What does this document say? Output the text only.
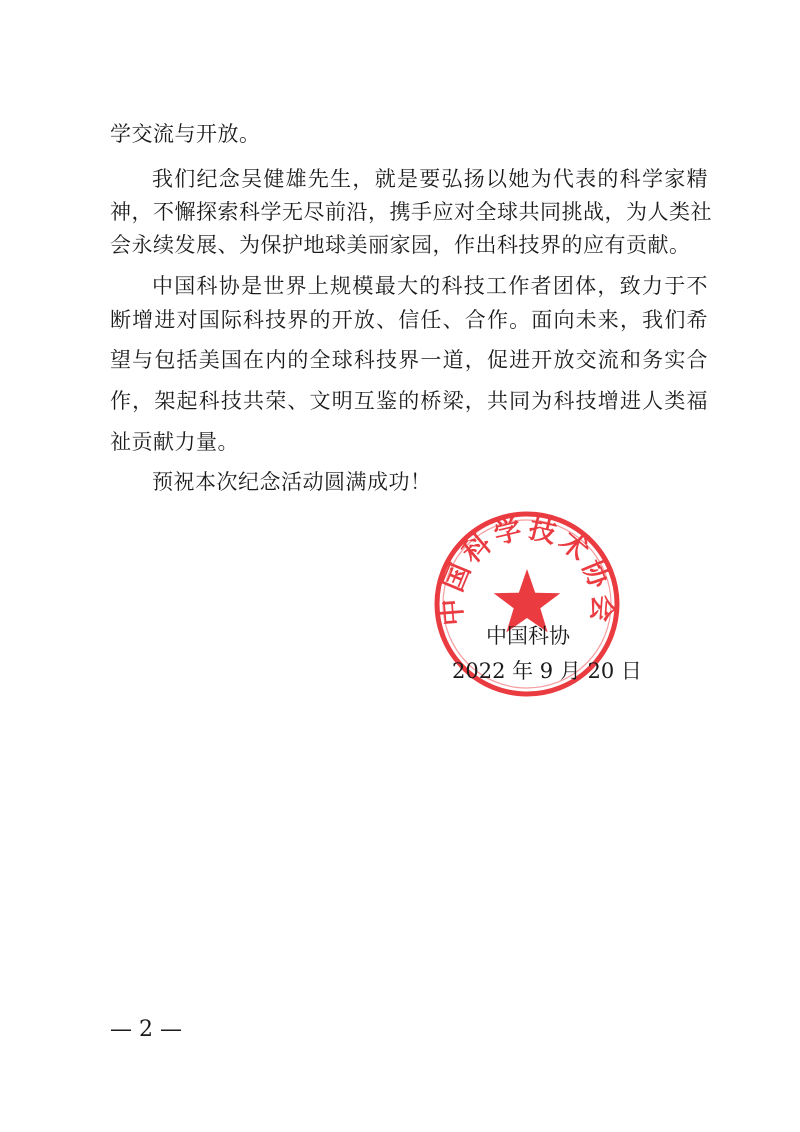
学交流与开放。
我们纪念吴健雄先生，就是要弘扬以她为代表的科学家精
神，不懈探索科学无尽前沿，携手应对全球共同挑战，为人类社
会永续发展、为保护地球美丽家园，作出科技界的应有贡献。
中国科协是世界上规模最大的科技工作者团体，致力于不
断增进对国际科技界的开放、信任、合作。面向未来，我们希
望与包括美国在内的全球科技界一道，促进开放交流和务实合
作，架起科技共荣、文明互鉴的桥梁，共同为科技增进人类福
祉贡献力量。
预祝本次纪念活动圆满成功！
中国科学技术协会
中国科协
2022 年 9 月 20 日
— 2 —
